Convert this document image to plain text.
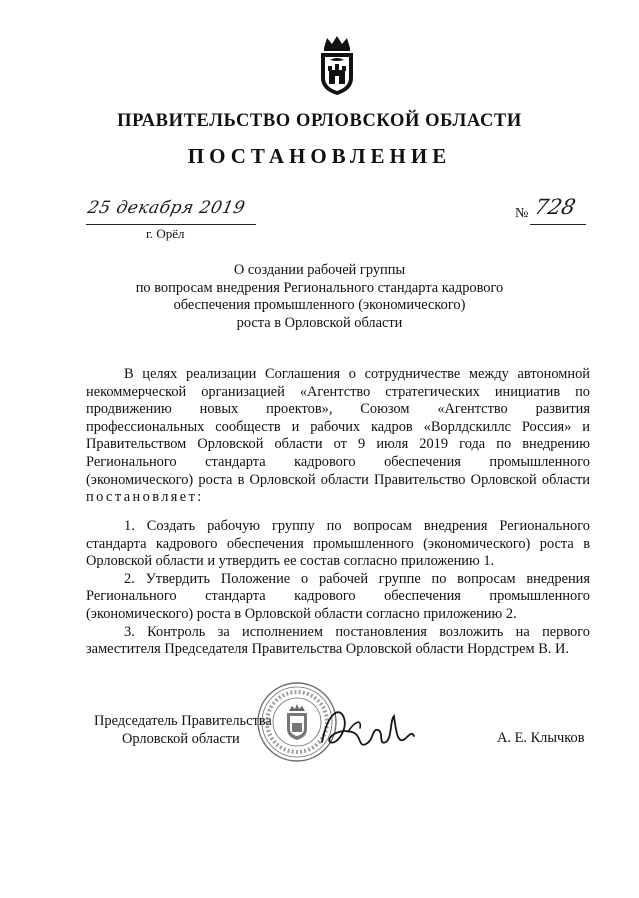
ПРАВИТЕЛЬСТВО ОРЛОВСКОЙ ОБЛАСТИ
ПОСТАНОВЛЕНИЕ
25 декабря 2019
г. Орёл
№ 728
О создании рабочей группы
по вопросам внедрения Регионального стандарта кадрового
обеспечения промышленного (экономического)
роста в Орловской области
В целях реализации Соглашения о сотрудничестве между автономной некоммерческой организацией «Агентство стратегических инициатив по продвижению новых проектов», Союзом «Агентство развития профессиональных сообществ и рабочих кадров «Ворлдскиллс Россия» и Правительством Орловской области от 9 июля 2019 года по внедрению Регионального стандарта кадрового обеспечения промышленного (экономического) роста в Орловской области Правительство Орловской области постановляет:

1. Создать рабочую группу по вопросам внедрения Регионального стандарта кадрового обеспечения промышленного (экономического) роста в Орловской области и утвердить ее состав согласно приложению 1.

2. Утвердить Положение о рабочей группе по вопросам внедрения Регионального стандарта кадрового обеспечения промышленного (экономического) роста в Орловской области согласно приложению 2.

3. Контроль за исполнением постановления возложить на первого заместителя Председателя Правительства Орловской области Нордстрем В. И.

Председатель Правительства
Орловской области	А. Е. Клычков
